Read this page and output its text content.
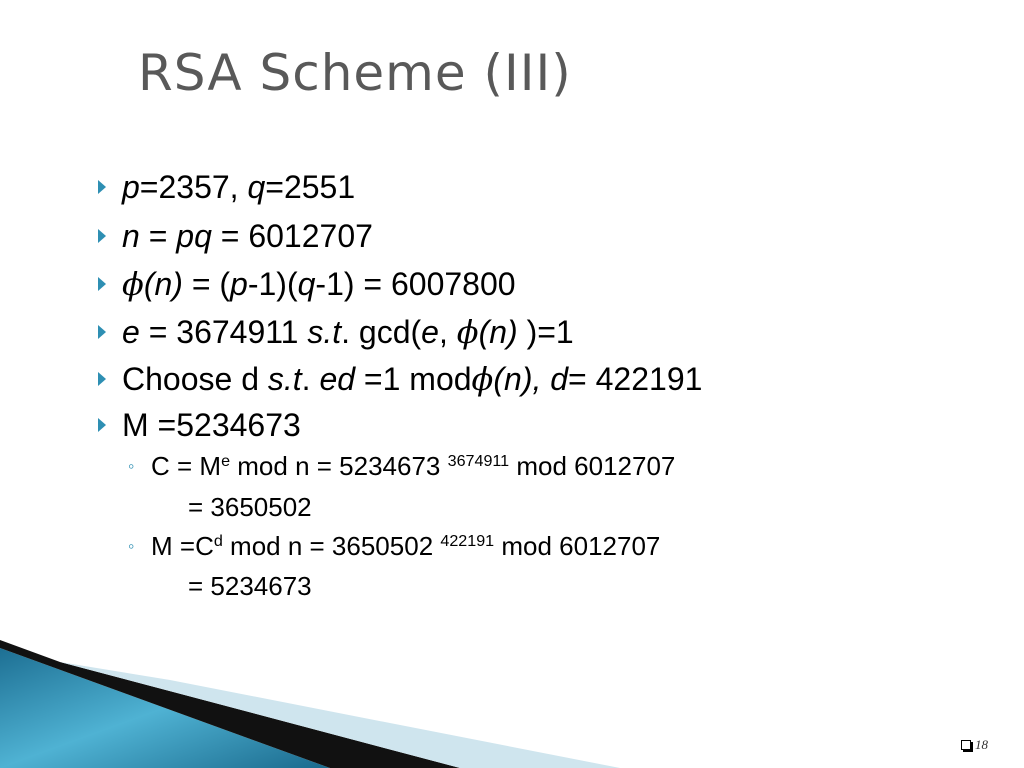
RSA Scheme (III)
p=2357, q=2551
n = pq = 6012707
ϕ(n) = (p-1)(q-1) = 6007800
e = 3674911 s.t. gcd(e, ϕ(n) )=1
Choose d s.t. ed =1 modϕ(n), d= 422191
M =5234673
◦ $C = M^e$ mod n = 5234673 $^{3674911}$ mod 6012707
= 3650502
◦ $M =C^d$ mod n = 3650502 $^{422191}$ mod 6012707
= 5234673
18
